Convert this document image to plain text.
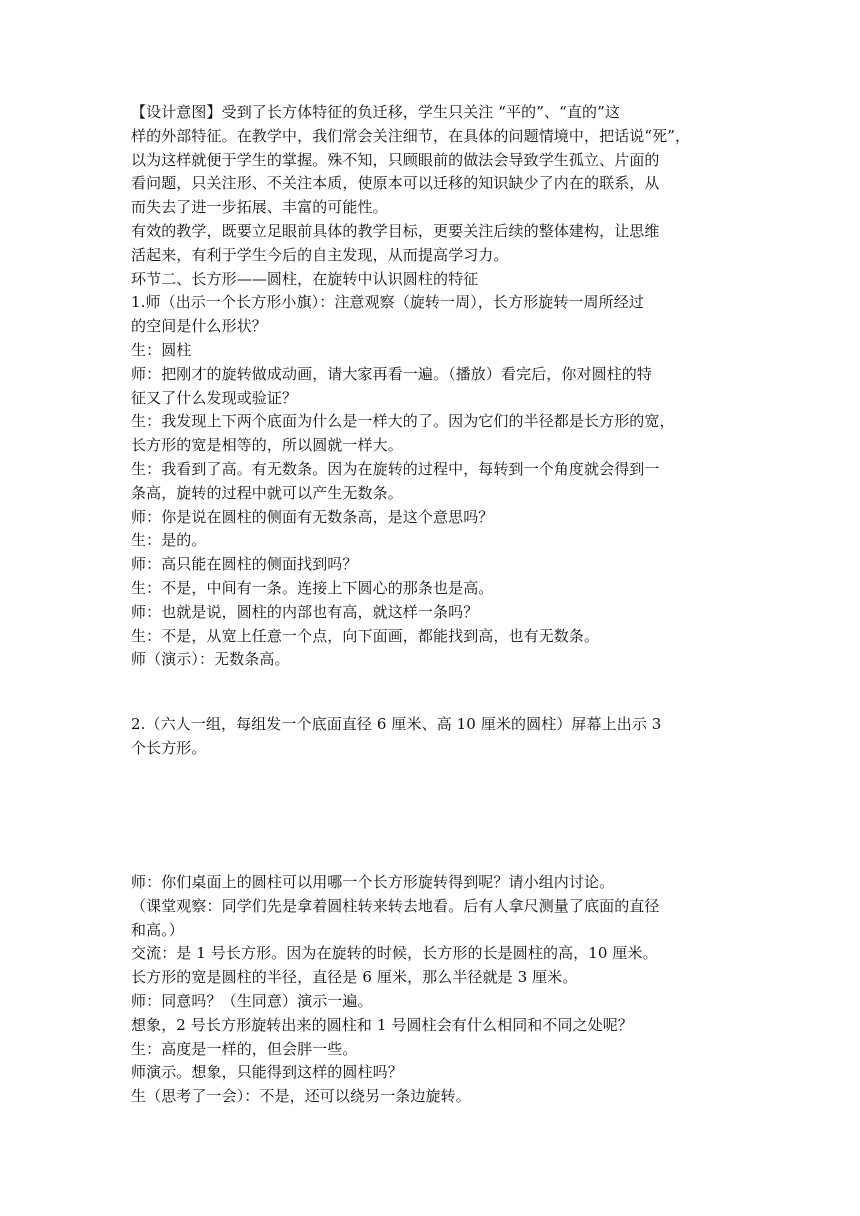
【设计意图】受到了长方体特征的负迁移，学生只关注 “平的”、“直的”这

样的外部特征。在教学中，我们常会关注细节，在具体的问题情境中，把话说“死”，

以为这样就便于学生的掌握。殊不知，只顾眼前的做法会导致学生孤立、片面的

看问题，只关注形、不关注本质，使原本可以迁移的知识缺少了内在的联系，从

而失去了进一步拓展、丰富的可能性。

有效的教学，既要立足眼前具体的教学目标，更要关注后续的整体建构，让思维

活起来，有利于学生今后的自主发现，从而提高学习力。

环节二、长方形——圆柱，在旋转中认识圆柱的特征

1.师（出示一个长方形小旗）：注意观察（旋转一周），长方形旋转一周所经过

的空间是什么形状？

生：圆柱

师：把刚才的旋转做成动画，请大家再看一遍。（播放）看完后，你对圆柱的特

征又了什么发现或验证？

生：我发现上下两个底面为什么是一样大的了。因为它们的半径都是长方形的宽，

长方形的宽是相等的，所以圆就一样大。

生：我看到了高。有无数条。因为在旋转的过程中，每转到一个角度就会得到一

条高，旋转的过程中就可以产生无数条。

师：你是说在圆柱的侧面有无数条高，是这个意思吗？

生：是的。

师：高只能在圆柱的侧面找到吗？

生：不是，中间有一条。连接上下圆心的那条也是高。

师：也就是说，圆柱的内部也有高，就这样一条吗？

生：不是，从宽上任意一个点，向下面画，都能找到高，也有无数条。

师（演示）：无数条高。

2.（六人一组，每组发一个底面直径 6 厘米、高 10 厘米的圆柱）屏幕上出示 3

个长方形。

师：你们桌面上的圆柱可以用哪一个长方形旋转得到呢？请小组内讨论。

（课堂观察：同学们先是拿着圆柱转来转去地看。后有人拿尺测量了底面的直径

和高。）

交流：是 1 号长方形。因为在旋转的时候，长方形的长是圆柱的高，10 厘米。

长方形的宽是圆柱的半径，直径是 6 厘米，那么半径就是 3 厘米。

师：同意吗？（生同意）演示一遍。

想象，2 号长方形旋转出来的圆柱和 1 号圆柱会有什么相同和不同之处呢？

生：高度是一样的，但会胖一些。

师演示。想象，只能得到这样的圆柱吗？

生（思考了一会）：不是，还可以绕另一条边旋转。
